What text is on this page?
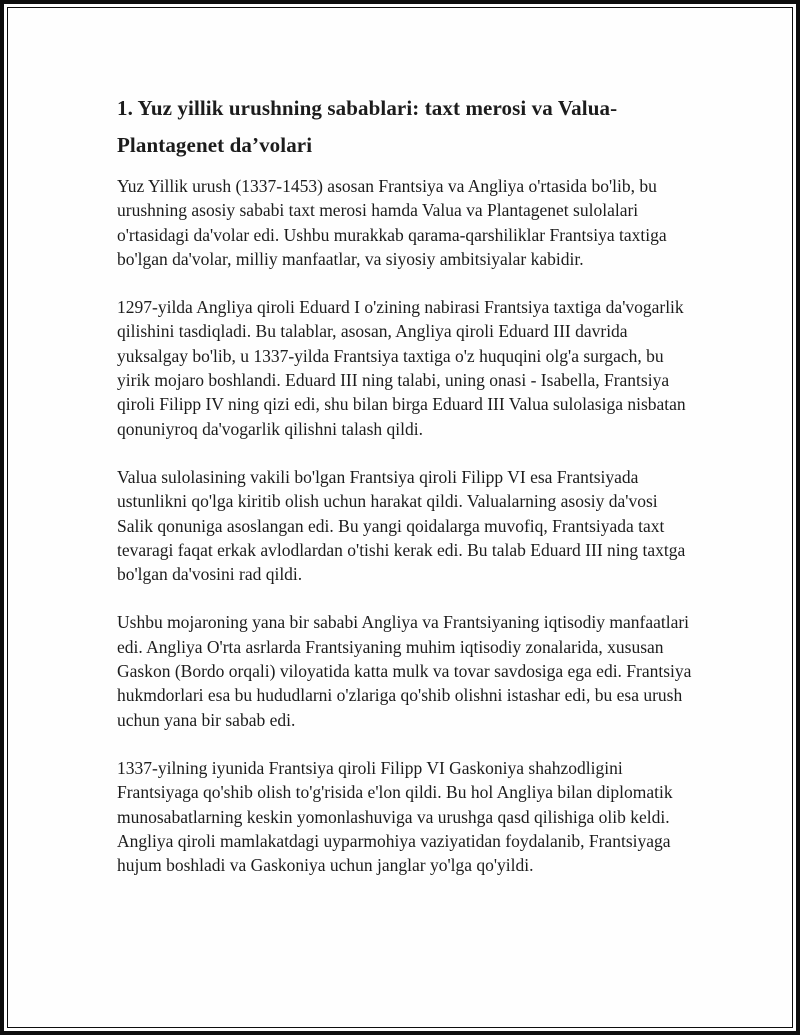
1. Yuz yillik urushning sabablari: taxt merosi va Valua-Plantagenet da’volari

Yuz Yillik urush (1337-1453) asosan Frantsiya va Angliya o'rtasida bo'lib, bu urushning asosiy sababi taxt merosi hamda Valua va Plantagenet sulolalari o'rtasidagi da'volar edi. Ushbu murakkab qarama-qarshiliklar Frantsiya taxtiga bo'lgan da'volar, milliy manfaatlar, va siyosiy ambitsiyalar kabidir.

1297-yilda Angliya qiroli Eduard I o'zining nabirasi Frantsiya taxtiga da'vogarlik qilishini tasdiqladi. Bu talablar, asosan, Angliya qiroli Eduard III davrida yuksalgay bo'lib, u 1337-yilda Frantsiya taxtiga o'z huquqini olg'a surgach, bu yirik mojaro boshlandi. Eduard III ning talabi, uning onasi - Isabella, Frantsiya qiroli Filipp IV ning qizi edi, shu bilan birga Eduard III Valua sulolasiga nisbatan qonuniyroq da'vogarlik qilishni talash qildi.

Valua sulolasining vakili bo'lgan Frantsiya qiroli Filipp VI esa Frantsiyada ustunlikni qo'lga kiritib olish uchun harakat qildi. Valualarning asosiy da'vosi Salik qonuniga asoslangan edi. Bu yangi qoidalarga muvofiq, Frantsiyada taxt tevaragi faqat erkak avlodlardan o'tishi kerak edi. Bu talab Eduard III ning taxtga bo'lgan da'vosini rad qildi.

Ushbu mojaroning yana bir sababi Angliya va Frantsiyaning iqtisodiy manfaatlari edi. Angliya O'rta asrlarda Frantsiyaning muhim iqtisodiy zonalarida, xususan Gaskon (Bordo orqali) viloyatida katta mulk va tovar savdosiga ega edi. Frantsiya hukmdorlari esa bu hududlarni o'zlariga qo'shib olishni istashar edi, bu esa urush uchun yana bir sabab edi.

1337-yilning iyunida Frantsiya qiroli Filipp VI Gaskoniya shahzodligini Frantsiyaga qo'shib olish to'g'risida e'lon qildi. Bu hol Angliya bilan diplomatik munosabatlarning keskin yomonlashuviga va urushga qasd qilishiga olib keldi. Angliya qiroli mamlakatdagi uyparmohiya vaziyatidan foydalanib, Frantsiyaga hujum boshladi va Gaskoniya uchun janglar yo'lga qo'yildi.
